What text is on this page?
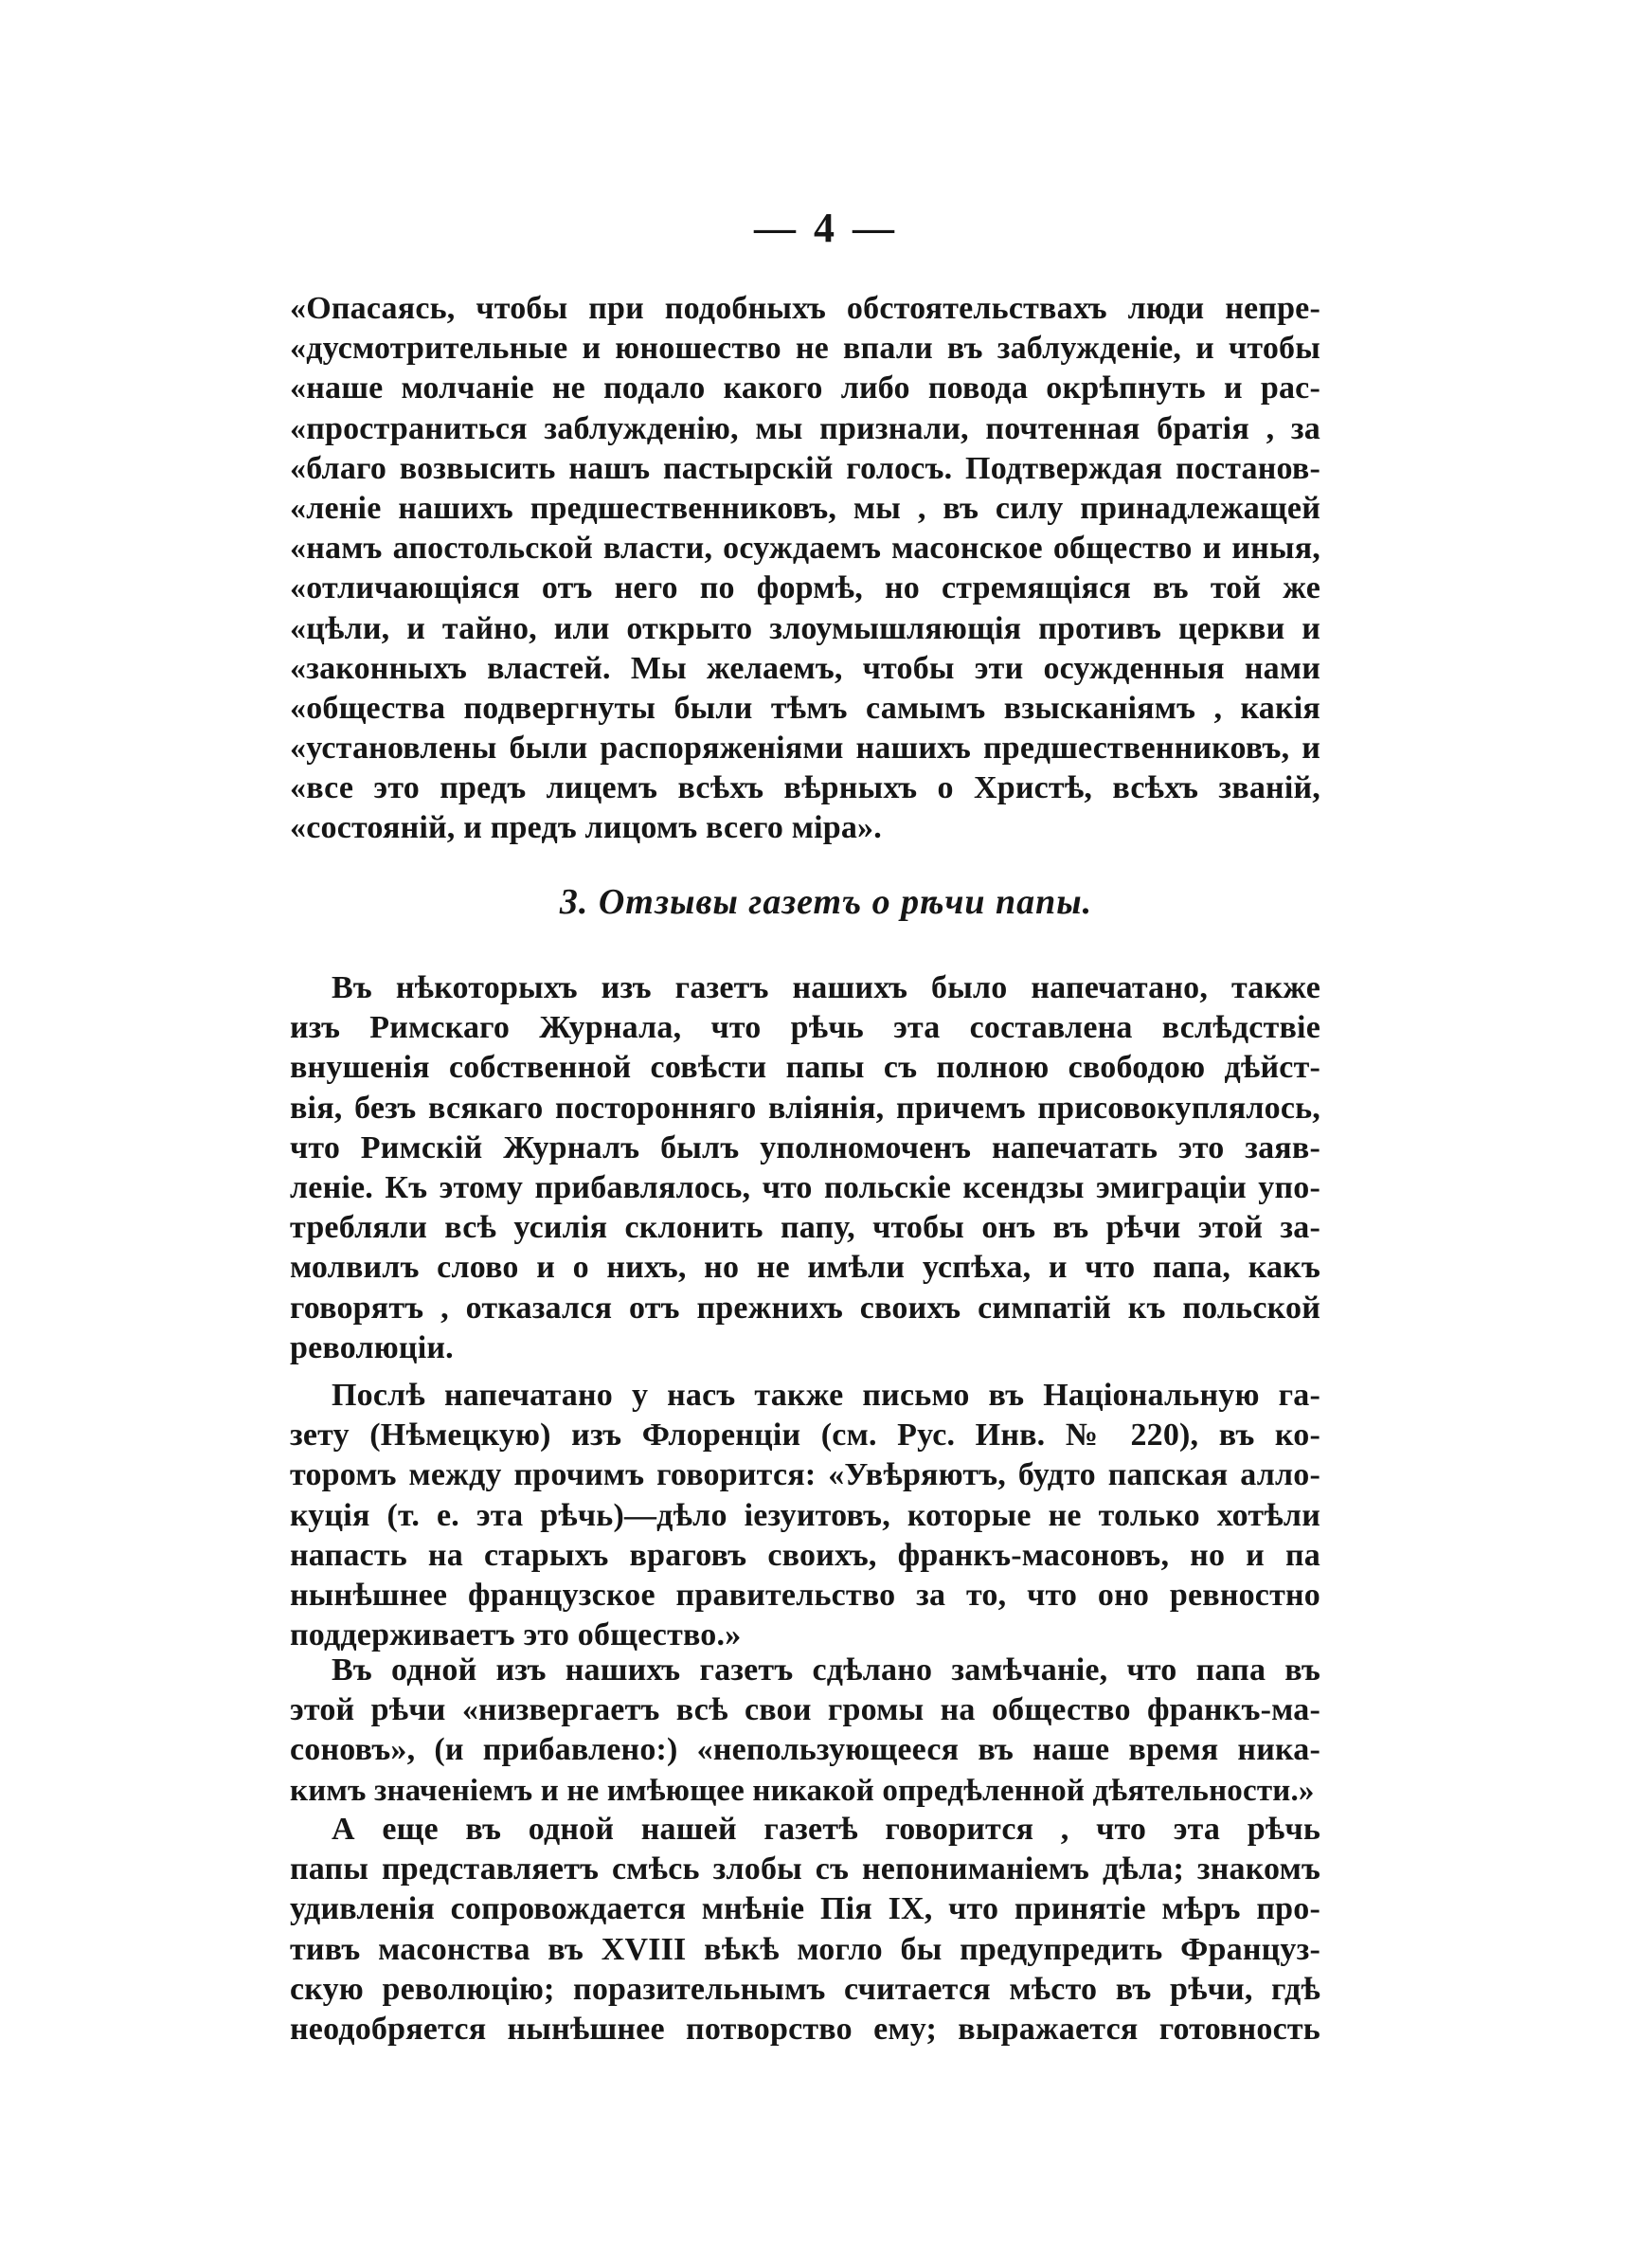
— 4 —
«Опасаясь, чтобы при подобныхъ обстоятельствахъ люди непре-
«дусмотрительные и юношество не впали въ заблужденіе, и чтобы
«наше молчаніе не подало какого либо повода окрѣпнуть и рас-
«пространиться заблужденію, мы признали, почтенная братія , за
«благо возвысить нашъ пастырскій голосъ. Подтверждая постанов-
«леніе нашихъ предшественниковъ, мы , въ силу принадлежащей
«намъ апостольской власти, осуждаемъ масонское общество и иныя,
«отличающіяся отъ него по формѣ, но стремящіяся въ той же
«цѣли, и тайно, или открыто злоумышляющія противъ церкви и
«законныхъ властей. Мы желаемъ, чтобы эти осужденныя нами
«общества подвергнуты были тѣмъ самымъ взысканіямъ , какія
«установлены были распоряженіями нашихъ предшественниковъ, и
«все это предъ лицемъ всѣхъ вѣрныхъ о Христѣ, всѣхъ званій,
«состояній, и предъ лицомъ всего міра».
3. Отзывы газетъ о рѣчи папы.
Въ нѣкоторыхъ изъ газетъ нашихъ было напечатано, также
изъ Римскаго Журнала, что рѣчь эта составлена вслѣдствіе
внушенія собственной совѣсти папы съ полною свободою дѣйст-
вія, безъ всякаго посторонняго вліянія, причемъ присовокуплялось,
что Римскій Журналъ былъ уполномоченъ напечатать это заяв-
леніе. Къ этому прибавлялось, что польскіе ксендзы эмиграціи упо-
требляли всѣ усилія склонить папу, чтобы онъ въ рѣчи этой за-
молвилъ слово и о нихъ, но не имѣли успѣха, и что папа, какъ
говорятъ , отказался отъ прежнихъ своихъ симпатій къ польской
революціи.
Послѣ напечатано у насъ также письмо въ Національную га-
зету (Нѣмецкую) изъ Флоренціи (см. Рус. Инв. № 220), въ ко-
торомъ между прочимъ говорится: «Увѣряютъ, будто папская алло-
куція (т. е. эта рѣчь)—дѣло іезуитовъ, которые не только хотѣли
напасть на старыхъ враговъ своихъ, франкъ-масоновъ, но и па
нынѣшнее французское правительство за то, что оно ревностно
поддерживаетъ это общество.»
Въ одной изъ нашихъ газетъ сдѣлано замѣчаніе, что папа въ
этой рѣчи «низвергаетъ всѣ свои громы на общество франкъ-ма-
соновъ», (и прибавлено:) «непользующееся въ наше время ника-
кимъ значеніемъ и не имѣющее никакой опредѣленной дѣятельности.»
А еще въ одной нашей газетѣ говорится , что эта рѣчь
папы представляетъ смѣсь злобы съ непониманіемъ дѣла; знакомъ
удивленія сопровождается мнѣніе Пія IX, что принятіе мѣръ про-
тивъ масонства въ XVIII вѣкѣ могло бы предупредить Француз-
скую революцію; поразительнымъ считается мѣсто въ рѣчи, гдѣ
неодобряется нынѣшнее потворство ему; выражается готовность
